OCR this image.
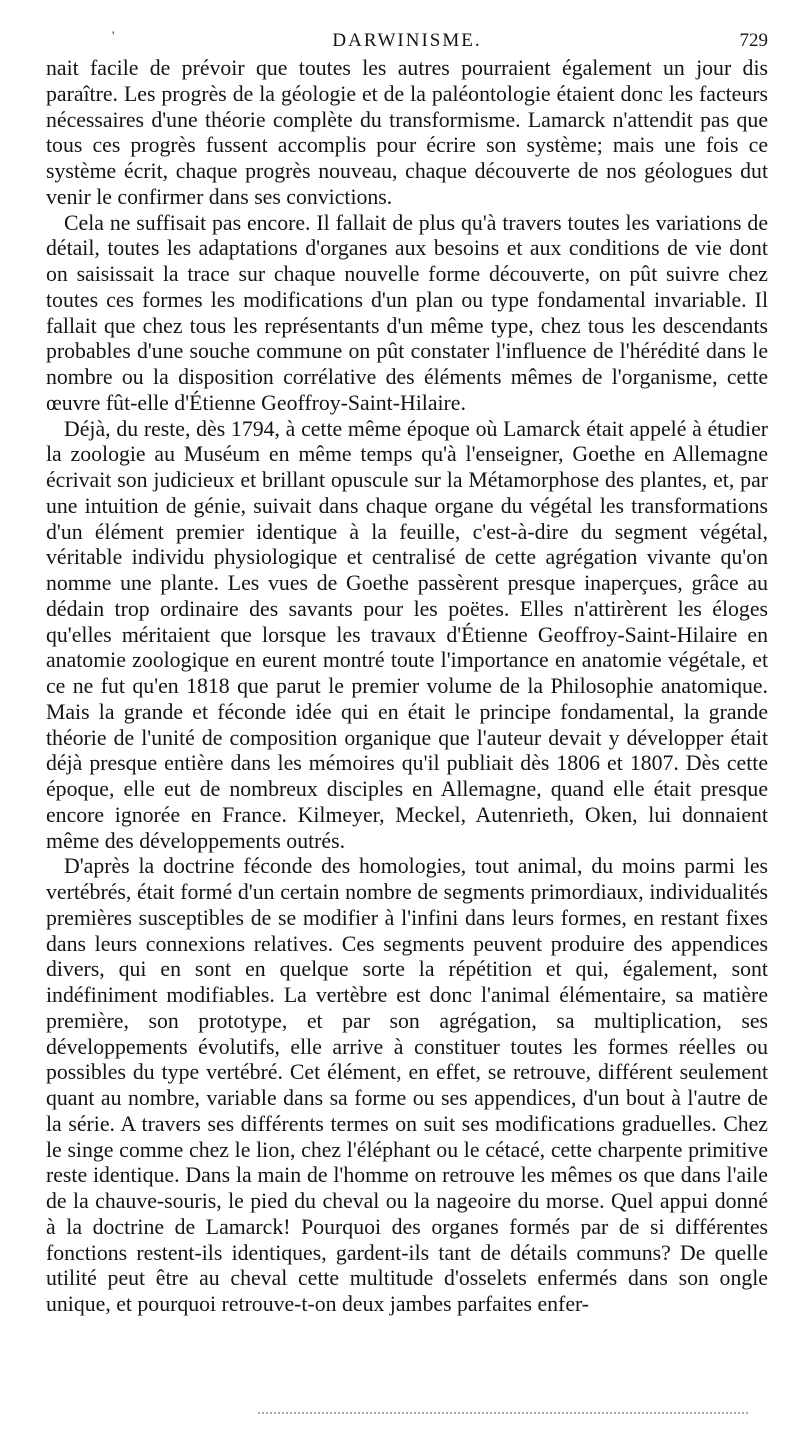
'	DARWINISME.	729

nait facile de prévoir que toutes les autres pourraient également un jour dis paraître. Les progrès de la géologie et de la paléontologie étaient donc les facteurs nécessaires d'une théorie complète du transformisme. Lamarck n'attendit pas que tous ces progrès fussent accomplis pour écrire son système; mais une fois ce système écrit, chaque progrès nouveau, chaque découverte de nos géologues dut venir le confirmer dans ses convictions.

Cela ne suffisait pas encore. Il fallait de plus qu'à travers toutes les variations de détail, toutes les adaptations d'organes aux besoins et aux conditions de vie dont on saisissait la trace sur chaque nouvelle forme découverte, on pût suivre chez toutes ces formes les modifications d'un plan ou type fondamental invariable. Il fallait que chez tous les représentants d'un même type, chez tous les descendants probables d'une souche commune on pût constater l'influence de l'hérédité dans le nombre ou la disposition corrélative des éléments mêmes de l'organisme, cette œuvre fût-elle d'Étienne Geoffroy-Saint-Hilaire.

Déjà, du reste, dès 1794, à cette même époque où Lamarck était appelé à étudier la zoologie au Muséum en même temps qu'à l'enseigner, Goethe en Allemagne écrivait son judicieux et brillant opuscule sur la Métamorphose des plantes, et, par une intuition de génie, suivait dans chaque organe du végétal les transformations d'un élément premier identique à la feuille, c'est-à-dire du segment végétal, véritable individu physiologique et centralisé de cette agrégation vivante qu'on nomme une plante. Les vues de Goethe passèrent presque inaperçues, grâce au dédain trop ordinaire des savants pour les poëtes. Elles n'attirèrent les éloges qu'elles méritaient que lorsque les travaux d'Étienne Geoffroy-Saint-Hilaire en anatomie zoologique en eurent montré toute l'importance en anatomie végétale, et ce ne fut qu'en 1818 que parut le premier volume de la Philosophie anatomique. Mais la grande et féconde idée qui en était le principe fondamental, la grande théorie de l'unité de composition organique que l'auteur devait y développer était déjà presque entière dans les mémoires qu'il publiait dès 1806 et 1807. Dès cette époque, elle eut de nombreux disciples en Allemagne, quand elle était presque encore ignorée en France. Kilmeyer, Meckel, Autenrieth, Oken, lui donnaient même des développements outrés.

D'après la doctrine féconde des homologies, tout animal, du moins parmi les vertébrés, était formé d'un certain nombre de segments primordiaux, individualités premières susceptibles de se modifier à l'infini dans leurs formes, en restant fixes dans leurs connexions relatives. Ces segments peuvent produire des appendices divers, qui en sont en quelque sorte la répétition et qui, également, sont indéfiniment modifiables. La vertèbre est donc l'animal élémentaire, sa matière première, son prototype, et par son agrégation, sa multiplication, ses développements évolutifs, elle arrive à constituer toutes les formes réelles ou possibles du type vertébré. Cet élément, en effet, se retrouve, différent seulement quant au nombre, variable dans sa forme ou ses appendices, d'un bout à l'autre de la série. A travers ses différents termes on suit ses modifications graduelles. Chez le singe comme chez le lion, chez l'éléphant ou le cétacé, cette charpente primitive reste identique. Dans la main de l'homme on retrouve les mêmes os que dans l'aile de la chauve-souris, le pied du cheval ou la nageoire du morse. Quel appui donné à la doctrine de Lamarck! Pourquoi des organes formés par de si différentes fonctions restent-ils identiques, gardent-ils tant de détails communs? De quelle utilité peut être au cheval cette multitude d'osselets enfermés dans son ongle unique, et pourquoi retrouve-t-on deux jambes parfaites enfer-
